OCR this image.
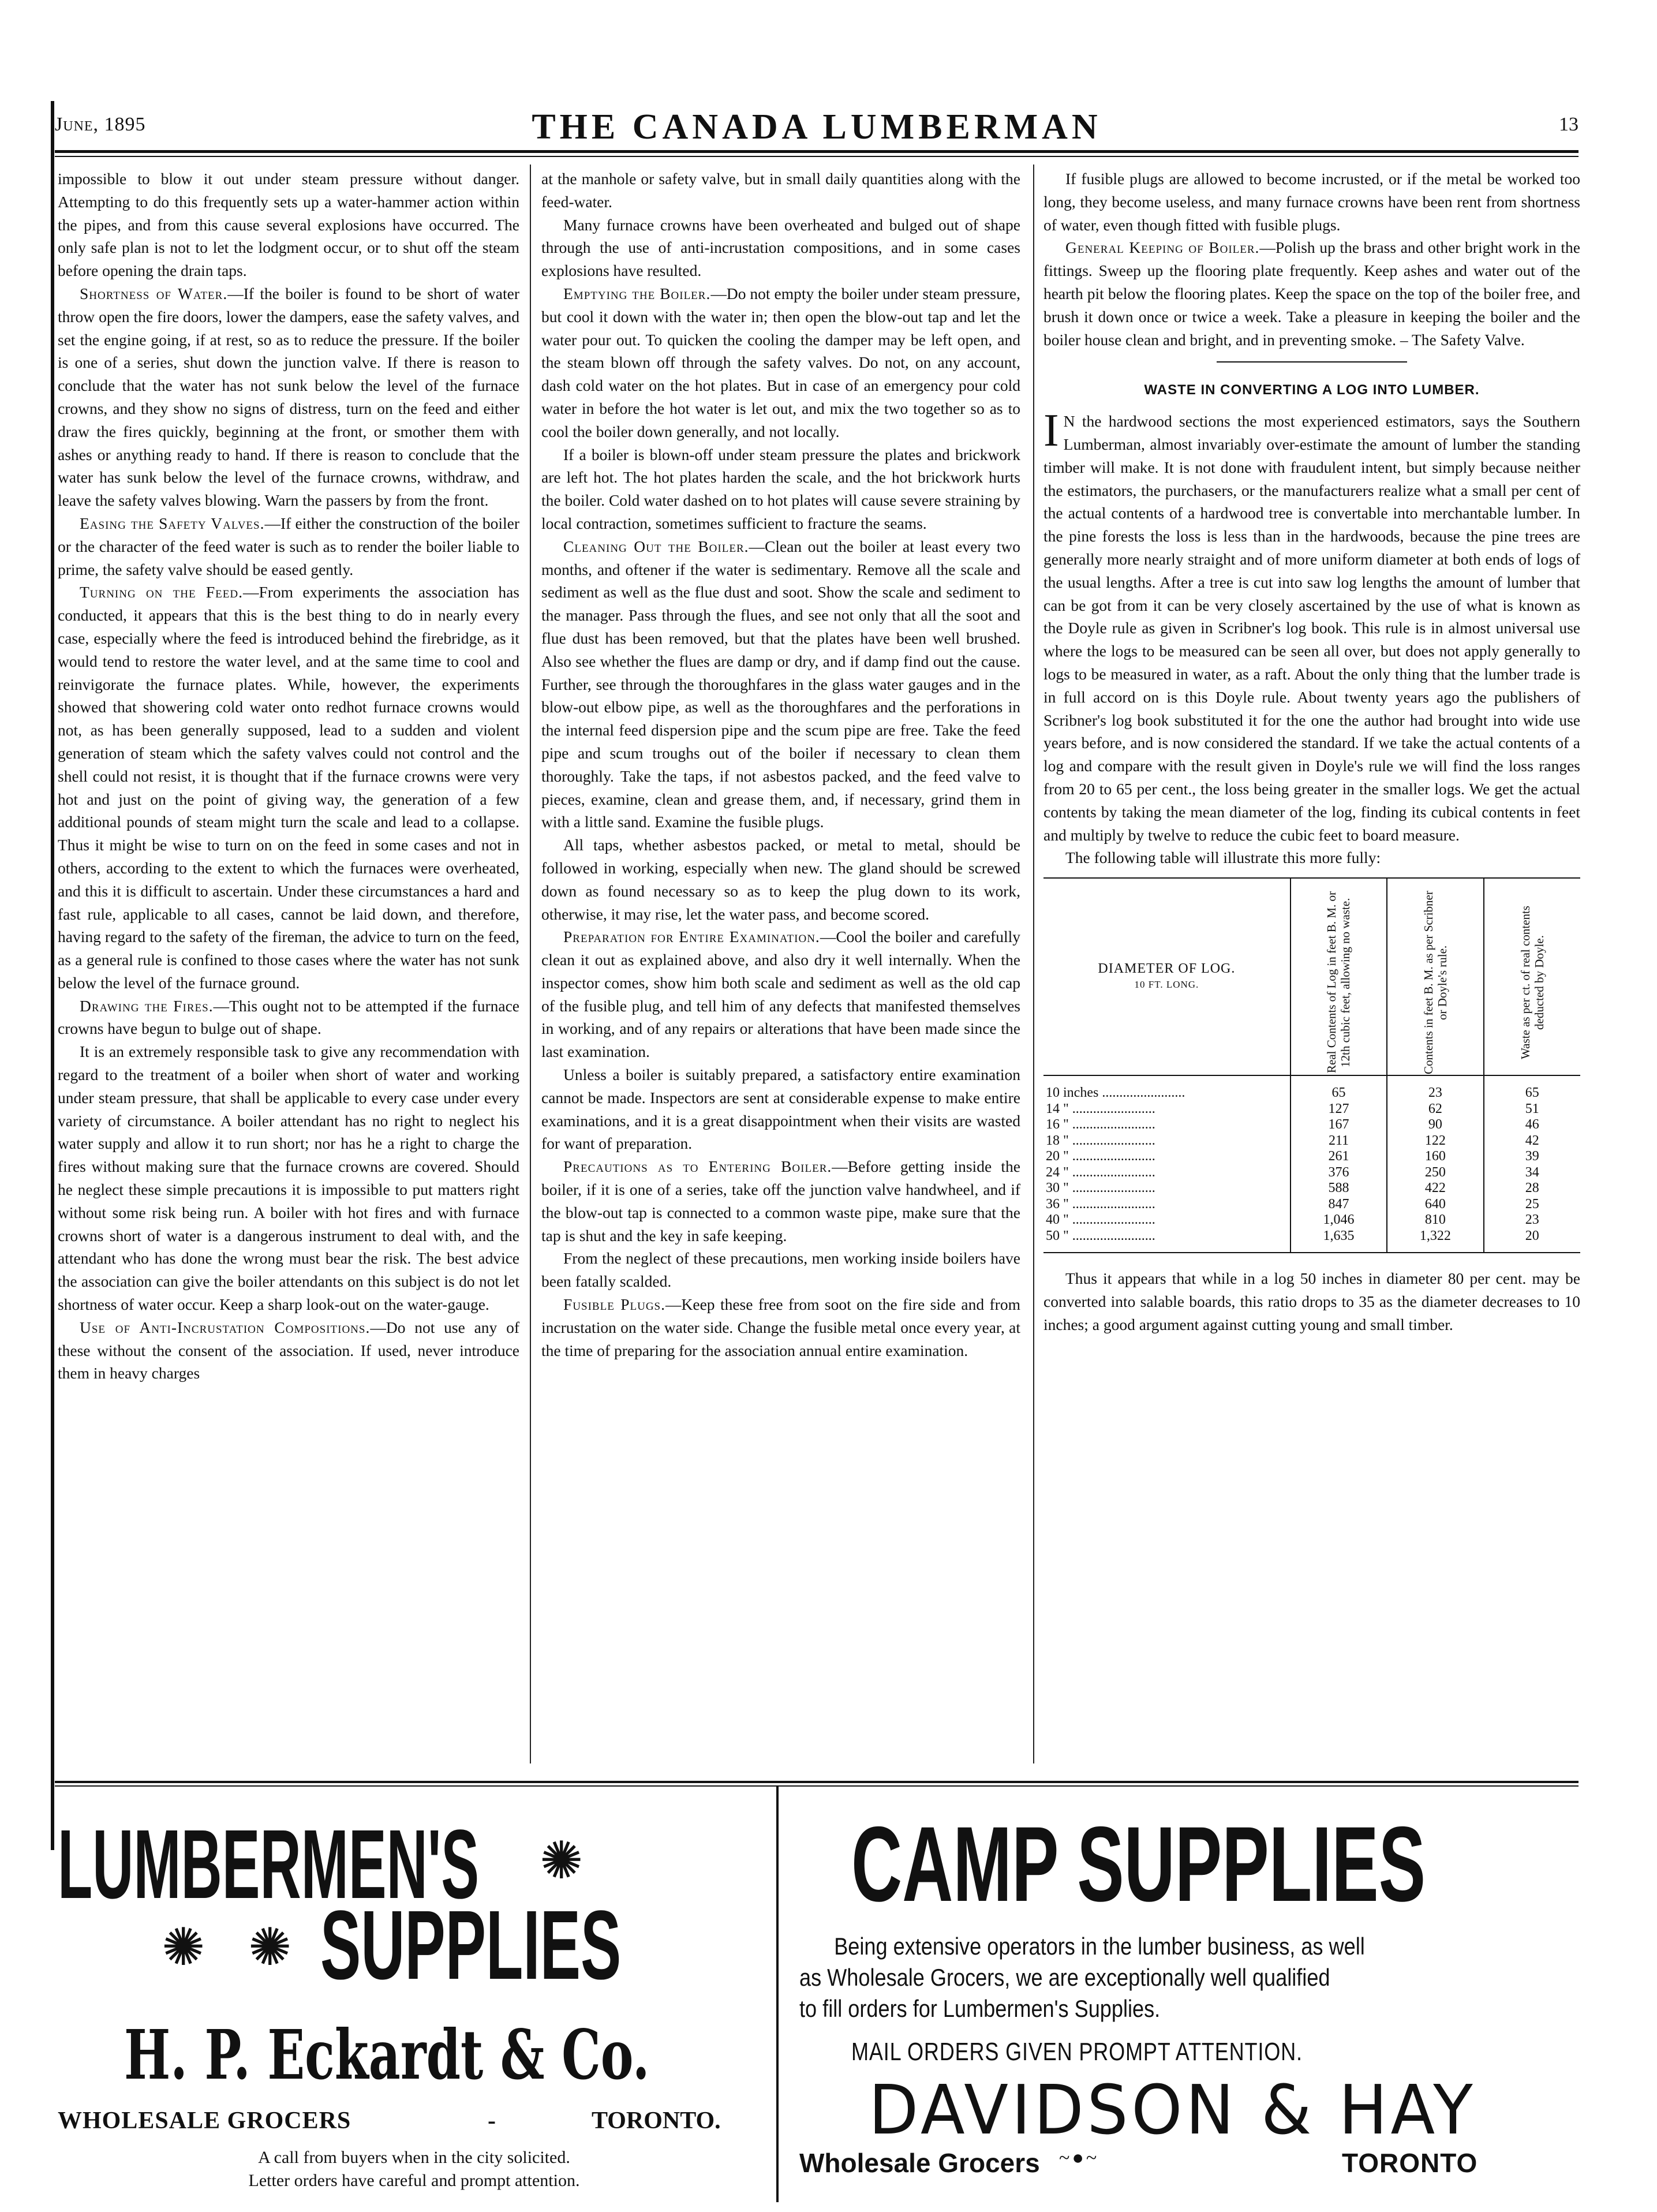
June, 1895	THE CANADA LUMBERMAN	13

impossible to blow it out under steam pressure without danger. Attempting to do this frequently sets up a water-hammer action within the pipes, and from this cause several explosions have occurred. The only safe plan is not to let the lodgment occur, or to shut off the steam before opening the drain taps.

Shortness of Water.—If the boiler is found to be short of water throw open the fire doors, lower the dampers, ease the safety valves, and set the engine going, if at rest, so as to reduce the pressure. If the boiler is one of a series, shut down the junction valve. If there is reason to conclude that the water has not sunk below the level of the furnace crowns, and they show no signs of distress, turn on the feed and either draw the fires quickly, beginning at the front, or smother them with ashes or anything ready to hand. If there is reason to conclude that the water has sunk below the level of the furnace crowns, withdraw, and leave the safety valves blowing. Warn the passers by from the front.

Easing the Safety Valves.—If either the construction of the boiler or the character of the feed water is such as to render the boiler liable to prime, the safety valve should be eased gently.

Turning on the Feed.—From experiments the association has conducted, it appears that this is the best thing to do in nearly every case, especially where the feed is introduced behind the firebridge, as it would tend to restore the water level, and at the same time to cool and reinvigorate the furnace plates. While, however, the experiments showed that showering cold water onto redhot furnace crowns would not, as has been generally supposed, lead to a sudden and violent generation of steam which the safety valves could not control and the shell could not resist, it is thought that if the furnace crowns were very hot and just on the point of giving way, the generation of a few additional pounds of steam might turn the scale and lead to a collapse. Thus it might be wise to turn on on the feed in some cases and not in others, according to the extent to which the furnaces were overheated, and this it is difficult to ascertain. Under these circumstances a hard and fast rule, applicable to all cases, cannot be laid down, and therefore, having regard to the safety of the fireman, the advice to turn on the feed, as a general rule is confined to those cases where the water has not sunk below the level of the furnace ground.

Drawing the Fires.—This ought not to be attempted if the furnace crowns have begun to bulge out of shape.

It is an extremely responsible task to give any recommendation with regard to the treatment of a boiler when short of water and working under steam pressure, that shall be applicable to every case under every variety of circumstance. A boiler attendant has no right to neglect his water supply and allow it to run short; nor has he a right to charge the fires without making sure that the furnace crowns are covered. Should he neglect these simple precautions it is impossible to put matters right without some risk being run. A boiler with hot fires and with furnace crowns short of water is a dangerous instrument to deal with, and the attendant who has done the wrong must bear the risk. The best advice the association can give the boiler attendants on this subject is do not let shortness of water occur. Keep a sharp look-out on the water-gauge.

Use of Anti-Incrustation Compositions.—Do not use any of these without the consent of the association. If used, never introduce them in heavy charges

at the manhole or safety valve, but in small daily quantities along with the feed-water.

Many furnace crowns have been overheated and bulged out of shape through the use of anti-incrustation compositions, and in some cases explosions have resulted.

Emptying the Boiler.—Do not empty the boiler under steam pressure, but cool it down with the water in; then open the blow-out tap and let the water pour out. To quicken the cooling the damper may be left open, and the steam blown off through the safety valves. Do not, on any account, dash cold water on the hot plates. But in case of an emergency pour cold water in before the hot water is let out, and mix the two together so as to cool the boiler down generally, and not locally.

If a boiler is blown-off under steam pressure the plates and brickwork are left hot. The hot plates harden the scale, and the hot brickwork hurts the boiler. Cold water dashed on to hot plates will cause severe straining by local contraction, sometimes sufficient to fracture the seams.

Cleaning Out the Boiler.—Clean out the boiler at least every two months, and oftener if the water is sedimentary. Remove all the scale and sediment as well as the flue dust and soot. Show the scale and sediment to the manager. Pass through the flues, and see not only that all the soot and flue dust has been removed, but that the plates have been well brushed. Also see whether the flues are damp or dry, and if damp find out the cause. Further, see through the thoroughfares in the glass water gauges and in the blow-out elbow pipe, as well as the thoroughfares and the perforations in the internal feed dispersion pipe and the scum pipe are free. Take the feed pipe and scum troughs out of the boiler if necessary to clean them thoroughly. Take the taps, if not asbestos packed, and the feed valve to pieces, examine, clean and grease them, and, if necessary, grind them in with a little sand. Examine the fusible plugs.

All taps, whether asbestos packed, or metal to metal, should be followed in working, especially when new. The gland should be screwed down as found necessary so as to keep the plug down to its work, otherwise, it may rise, let the water pass, and become scored.

Preparation for Entire Examination.—Cool the boiler and carefully clean it out as explained above, and also dry it well internally. When the inspector comes, show him both scale and sediment as well as the old cap of the fusible plug, and tell him of any defects that manifested themselves in working, and of any repairs or alterations that have been made since the last examination.

Unless a boiler is suitably prepared, a satisfactory entire examination cannot be made. Inspectors are sent at considerable expense to make entire examinations, and it is a great disappointment when their visits are wasted for want of preparation.

Precautions as to Entering Boiler.—Before getting inside the boiler, if it is one of a series, take off the junction valve handwheel, and if the blow-out tap is connected to a common waste pipe, make sure that the tap is shut and the key in safe keeping.

From the neglect of these precautions, men working inside boilers have been fatally scalded.

Fusible Plugs.—Keep these free from soot on the fire side and from incrustation on the water side. Change the fusible metal once every year, at the time of preparing for the association annual entire examination.

If fusible plugs are allowed to become incrusted, or if the metal be worked too long, they become useless, and many furnace crowns have been rent from shortness of water, even though fitted with fusible plugs.

General Keeping of Boiler.—Polish up the brass and other bright work in the fittings. Sweep up the flooring plate frequently. Keep ashes and water out of the hearth pit below the flooring plates. Keep the space on the top of the boiler free, and brush it down once or twice a week. Take a pleasure in keeping the boiler and the boiler house clean and bright, and in preventing smoke. – The Safety Valve.

WASTE IN CONVERTING A LOG INTO LUMBER.

I N the hardwood sections the most experienced estimators, says the Southern Lumberman, almost invariably over-estimate the amount of lumber the standing timber will make. It is not done with fraudulent intent, but simply because neither the estimators, the purchasers, or the manufacturers realize what a small per cent of the actual contents of a hardwood tree is convertable into merchantable lumber. In the pine forests the loss is less than in the hardwoods, because the pine trees are generally more nearly straight and of more uniform diameter at both ends of logs of the usual lengths. After a tree is cut into saw log lengths the amount of lumber that can be got from it can be very closely ascertained by the use of what is known as the Doyle rule as given in Scribner's log book. This rule is in almost universal use where the logs to be measured can be seen all over, but does not apply generally to logs to be measured in water, as a raft. About the only thing that the lumber trade is in full accord on is this Doyle rule. About twenty years ago the publishers of Scribner's log book substituted it for the one the author had brought into wide use years before, and is now considered the standard. If we take the actual contents of a log and compare with the result given in Doyle's rule we will find the loss ranges from 20 to 65 per cent., the loss being greater in the smaller logs. We get the actual contents by taking the mean diameter of the log, finding its cubical contents in feet and multiply by twelve to reduce the cubic feet to board measure.

The following table will illustrate this more fully:

DIAMETER OF LOG.
10 FT. LONG.	Real Contents of Log in feet B. M. or 12th cubic feet, allowing no waste.	Contents in feet B. M. as per Scribner or Doyle's rule.	Waste as per ct. of real contents deducted by Doyle.

10 inches ........................	65	23	65
14 " ........................	127	62	51
16 " ........................	167	90	46
18 " ........................	211	122	42
20 " ........................	261	160	39
24 " ........................	376	250	34
30 " ........................	588	422	28
36 " ........................	847	640	25
40 " ........................	1,046	810	23
50 " ........................	1,635	1,322	20

Thus it appears that while in a log 50 inches in diameter 80 per cent. may be converted into salable boards, this ratio drops to 35 as the diameter decreases to 10 inches; a good argument against cutting young and small timber.

LUMBERMEN'S ✺
✺ ✺ SUPPLIES
H. P. Eckardt & Co.
WHOLESALE GROCERS	-	TORONTO.
A call from buyers when in the city solicited.
Letter orders have careful and prompt attention.
CAMP SUPPLIES

Being extensive operators in the lumber business, as well

as Wholesale Grocers, we are exceptionally well qualified

to fill orders for Lumbermen's Supplies.

MAIL ORDERS GIVEN PROMPT ATTENTION.
DAVIDSON & HAY
Wholesale Grocers ~●~	TORONTO
